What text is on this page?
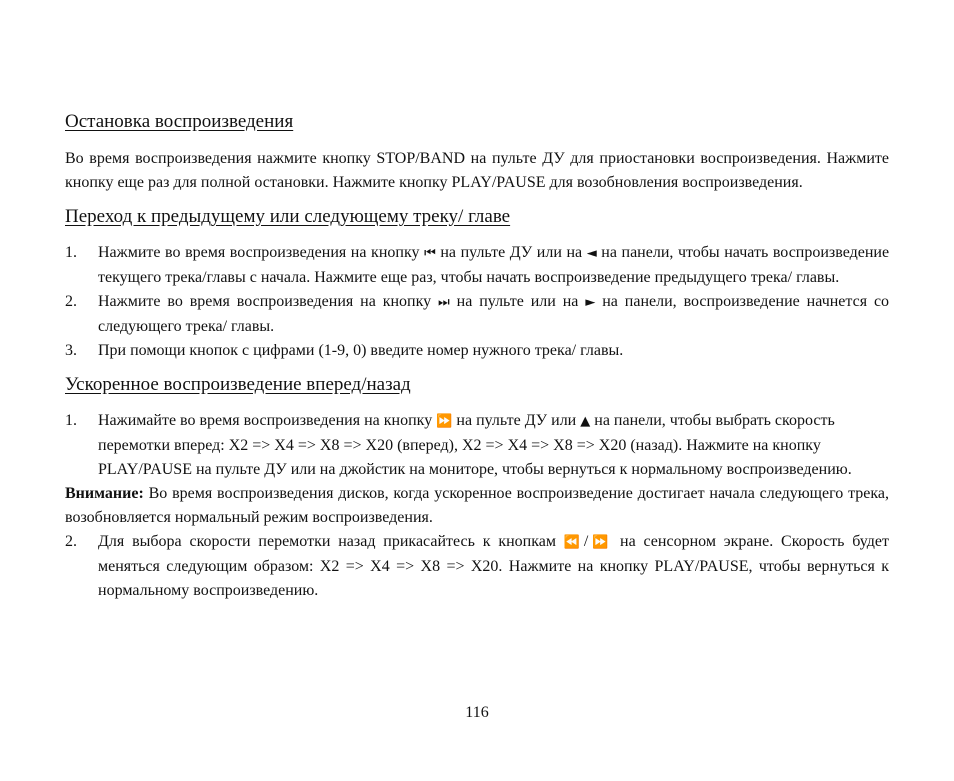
Остановка воспроизведения

Во время воспроизведения нажмите кнопку STOP/BAND на пульте ДУ для приостановки воспроизведения. Нажмите кнопку еще раз для полной остановки. Нажмите кнопку PLAY/PAUSE для возобновления воспроизведения.

Переход к предыдущему или следующему треку/ главе
1. Нажмите во время воспроизведения на кнопку ⏮ на пульте ДУ или на ◄ на панели, чтобы начать воспроизведение текущего трека/главы с начала. Нажмите еще раз, чтобы начать воспроизведение предыдущего трека/ главы.
2. Нажмите во время воспроизведения на кнопку ⏭ на пульте или на ► на панели, воспроизведение начнется со следующего трека/ главы.
3. При помощи кнопок с цифрами (1-9, 0) введите номер нужного трека/ главы.
Ускоренное воспроизведение вперед/назад
1. Нажимайте во время воспроизведения на кнопку ⏩ на пульте ДУ или ▲ на панели, чтобы выбрать скорость перемотки вперед: X2 => X4 => X8 => X20 (вперед), X2 => X4 => X8 => X20 (назад). Нажмите на кнопку PLAY/PAUSE на пульте ДУ или на джойстик на мониторе, чтобы вернуться к нормальному воспроизведению.

Внимание: Во время воспроизведения дисков, когда ускоренное воспроизведение достигает начала следующего трека, возобновляется нормальный режим воспроизведения.

2. Для выбора скорости перемотки назад прикасайтесь к кнопкам ⏪/⏩ на сенсорном экране. Скорость будет меняться следующим образом: X2 => X4 => X8 => X20. Нажмите на кнопку PLAY/PAUSE, чтобы вернуться к нормальному воспроизведению.
116
